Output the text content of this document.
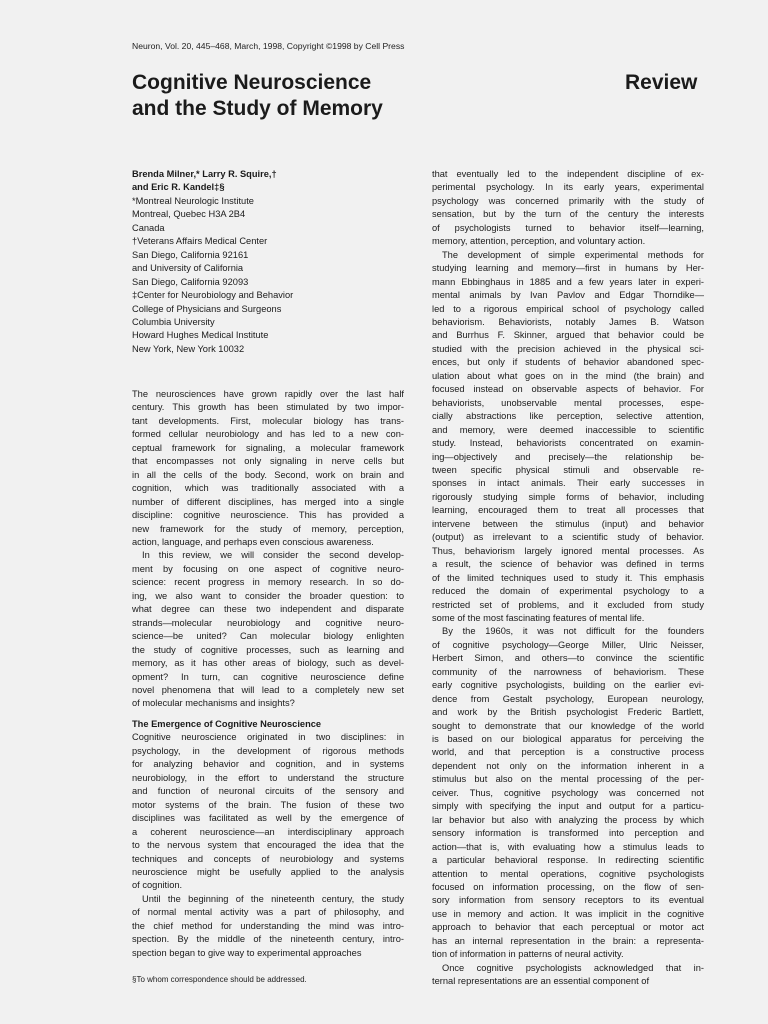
Neuron, Vol. 20, 445–468, March, 1998, Copyright ©1998 by Cell Press
Cognitive Neuroscience
and the Study of Memory
Review
Brenda Milner,* Larry R. Squire,†
and Eric R. Kandel‡§
*Montreal Neurologic Institute
Montreal, Quebec H3A 2B4
Canada
†Veterans Affairs Medical Center
San Diego, California 92161
and University of California
San Diego, California 92093
‡Center for Neurobiology and Behavior
College of Physicians and Surgeons
Columbia University
Howard Hughes Medical Institute
New York, New York 10032
The neurosciences have grown rapidly over the last half
century. This growth has been stimulated by two impor-
tant developments. First, molecular biology has trans-
formed cellular neurobiology and has led to a new con-
ceptual framework for signaling, a molecular framework
that encompasses not only signaling in nerve cells but
in all the cells of the body. Second, work on brain and
cognition, which was traditionally associated with a
number of different disciplines, has merged into a single
discipline: cognitive neuroscience. This has provided a
new framework for the study of memory, perception,
action, language, and perhaps even conscious awareness.
In this review, we will consider the second develop-
ment by focusing on one aspect of cognitive neuro-
science: recent progress in memory research. In so do-
ing, we also want to consider the broader question: to
what degree can these two independent and disparate
strands—molecular neurobiology and cognitive neuro-
science—be united? Can molecular biology enlighten
the study of cognitive processes, such as learning and
memory, as it has other areas of biology, such as devel-
opment? In turn, can cognitive neuroscience define
novel phenomena that will lead to a completely new set
of molecular mechanisms and insights?
The Emergence of Cognitive Neuroscience
Cognitive neuroscience originated in two disciplines: in
psychology, in the development of rigorous methods
for analyzing behavior and cognition, and in systems
neurobiology, in the effort to understand the structure
and function of neuronal circuits of the sensory and
motor systems of the brain. The fusion of these two
disciplines was facilitated as well by the emergence of
a coherent neuroscience—an interdisciplinary approach
to the nervous system that encouraged the idea that the
techniques and concepts of neurobiology and systems
neuroscience might be usefully applied to the analysis
of cognition.
Until the beginning of the nineteenth century, the study
of normal mental activity was a part of philosophy, and
the chief method for understanding the mind was intro-
spection. By the middle of the nineteenth century, intro-
spection began to give way to experimental approaches
that eventually led to the independent discipline of ex-
perimental psychology. In its early years, experimental
psychology was concerned primarily with the study of
sensation, but by the turn of the century the interests
of psychologists turned to behavior itself—learning,
memory, attention, perception, and voluntary action.
The development of simple experimental methods for
studying learning and memory—first in humans by Her-
mann Ebbinghaus in 1885 and a few years later in experi-
mental animals by Ivan Pavlov and Edgar Thorndike—
led to a rigorous empirical school of psychology called
behaviorism. Behaviorists, notably James B. Watson
and Burrhus F. Skinner, argued that behavior could be
studied with the precision achieved in the physical sci-
ences, but only if students of behavior abandoned spec-
ulation about what goes on in the mind (the brain) and
focused instead on observable aspects of behavior. For
behaviorists, unobservable mental processes, espe-
cially abstractions like perception, selective attention,
and memory, were deemed inaccessible to scientific
study. Instead, behaviorists concentrated on examin-
ing—objectively and precisely—the relationship be-
tween specific physical stimuli and observable re-
sponses in intact animals. Their early successes in
rigorously studying simple forms of behavior, including
learning, encouraged them to treat all processes that
intervene between the stimulus (input) and behavior
(output) as irrelevant to a scientific study of behavior.
Thus, behaviorism largely ignored mental processes. As
a result, the science of behavior was defined in terms
of the limited techniques used to study it. This emphasis
reduced the domain of experimental psychology to a
restricted set of problems, and it excluded from study
some of the most fascinating features of mental life.
By the 1960s, it was not difficult for the founders
of cognitive psychology—George Miller, Ulric Neisser,
Herbert Simon, and others—to convince the scientific
community of the narrowness of behaviorism. These
early cognitive psychologists, building on the earlier evi-
dence from Gestalt psychology, European neurology,
and work by the British psychologist Frederic Bartlett,
sought to demonstrate that our knowledge of the world
is based on our biological apparatus for perceiving the
world, and that perception is a constructive process
dependent not only on the information inherent in a
stimulus but also on the mental processing of the per-
ceiver. Thus, cognitive psychology was concerned not
simply with specifying the input and output for a particu-
lar behavior but also with analyzing the process by which
sensory information is transformed into perception and
action—that is, with evaluating how a stimulus leads to
a particular behavioral response. In redirecting scientific
attention to mental operations, cognitive psychologists
focused on information processing, on the flow of sen-
sory information from sensory receptors to its eventual
use in memory and action. It was implicit in the cognitive
approach to behavior that each perceptual or motor act
has an internal representation in the brain: a representa-
tion of information in patterns of neural activity.
Once cognitive psychologists acknowledged that in-
ternal representations are an essential component of
§To whom correspondence should be addressed.
